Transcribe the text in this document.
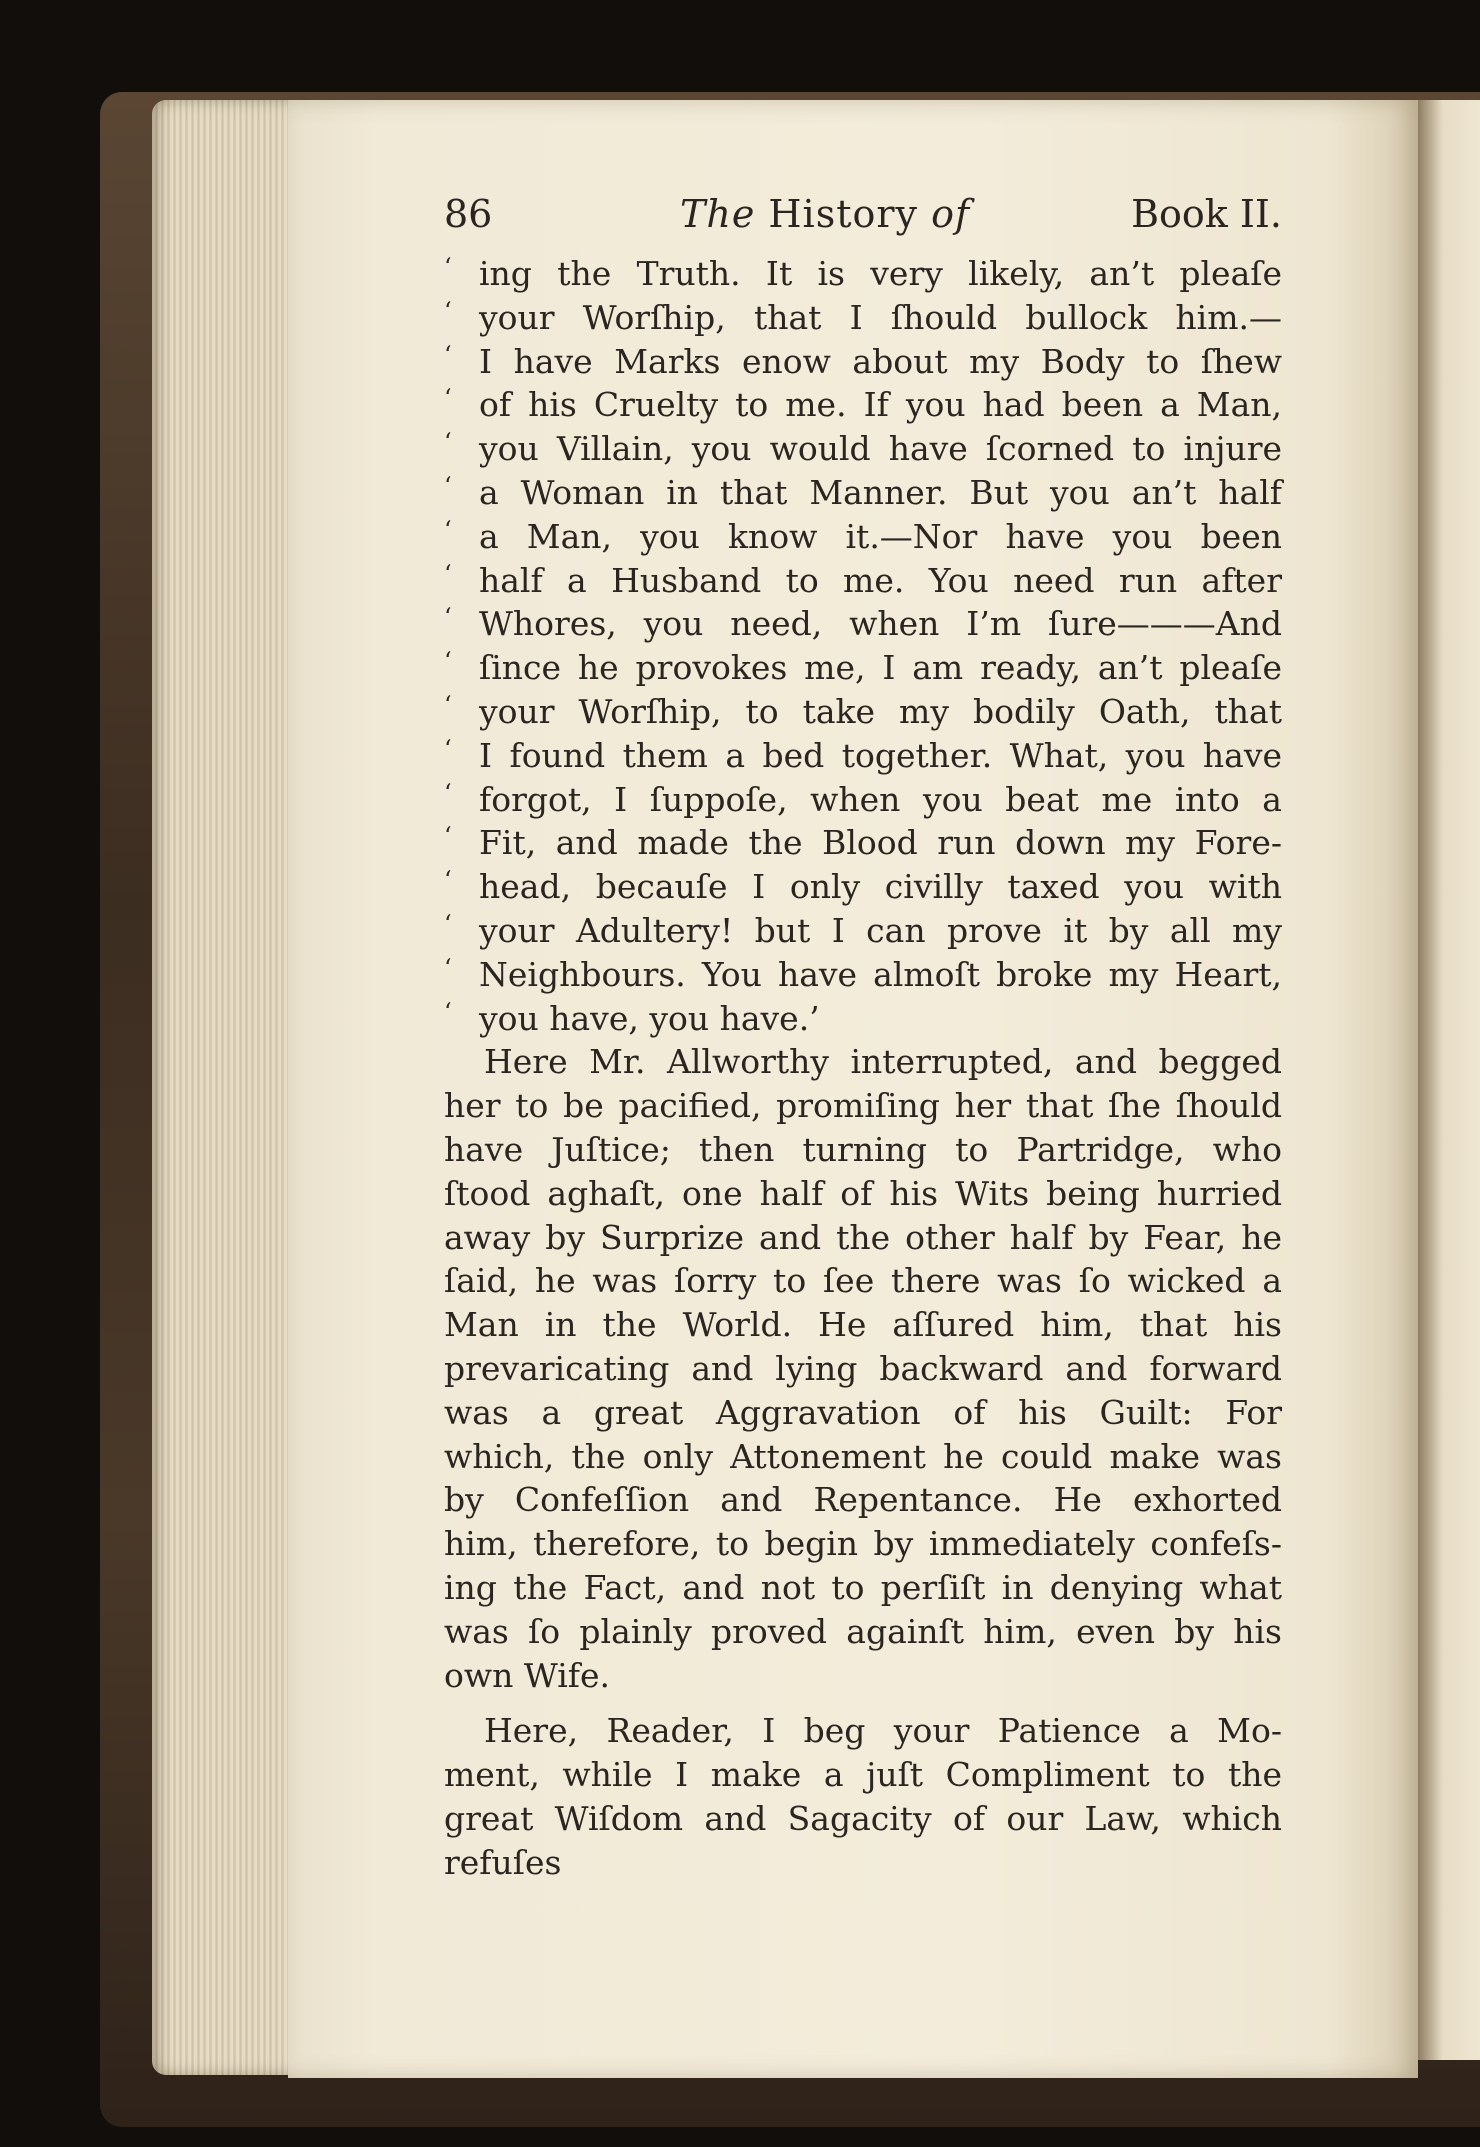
86	The History of	Book II.
‘ ing the Truth. It is very likely, an’t pleaſe
‘ your Worſhip, that I ſhould bullock him.—
‘ I have Marks enow about my Body to ſhew
‘ of his Cruelty to me. If you had been a Man,
‘ you Villain, you would have ſcorned to injure
‘ a Woman in that Manner. But you an’t half
‘ a Man, you know it.—Nor have you been
‘ half a Husband to me. You need run after
‘ Whores, you need, when I’m ſure———And
‘ ſince he provokes me, I am ready, an’t pleaſe
‘ your Worſhip, to take my bodily Oath, that
‘ I found them a bed together. What, you have
‘ forgot, I ſuppoſe, when you beat me into a
‘ Fit, and made the Blood run down my Fore-
‘ head, becauſe I only civilly taxed you with
‘ your Adultery! but I can prove it by all my
‘ Neighbours. You have almoſt broke my Heart,
‘ you have, you have.’
Here Mr. Allworthy interrupted, and begged
her to be pacified, promiſing her that ſhe ſhould
have Juſtice; then turning to Partridge, who
ſtood aghaſt, one half of his Wits being hurried
away by Surprize and the other half by Fear, he
ſaid, he was ſorry to ſee there was ſo wicked a
Man in the World. He aſſured him, that his
prevaricating and lying backward and forward
was a great Aggravation of his Guilt: For
which, the only Attonement he could make was
by Confeſſion and Repentance. He exhorted
him, therefore, to begin by immediately confeſs-
ing the Fact, and not to perſiſt in denying what
was ſo plainly proved againſt him, even by his
own Wife.
Here, Reader, I beg your Patience a Mo-
ment, while I make a juſt Compliment to the
great Wiſdom and Sagacity of our Law, which
refuſes
